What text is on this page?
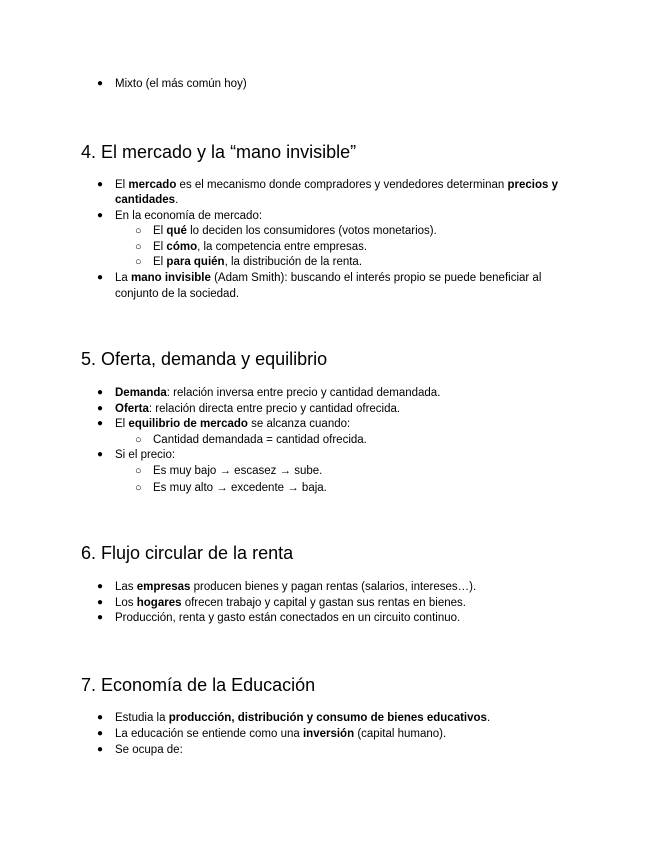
● Mixto (el más común hoy)

4. El mercado y la “mano invisible”
● El mercado es el mecanismo donde compradores y vendedores determinan precios y

cantidades.

● En la economía de mercado:

○ El qué lo deciden los consumidores (votos monetarios).

○ El cómo, la competencia entre empresas.

○ El para quién, la distribución de la renta.

● La mano invisible (Adam Smith): buscando el interés propio se puede beneficiar al

conjunto de la sociedad.

5. Oferta, demanda y equilibrio
● Demanda: relación inversa entre precio y cantidad demandada.

● Oferta: relación directa entre precio y cantidad ofrecida.

● El equilibrio de mercado se alcanza cuando:

○ Cantidad demandada = cantidad ofrecida.

● Si el precio:

○ Es muy bajo → escasez → sube.

○ Es muy alto → excedente → baja.

6. Flujo circular de la renta
● Las empresas producen bienes y pagan rentas (salarios, intereses…).

● Los hogares ofrecen trabajo y capital y gastan sus rentas en bienes.

● Producción, renta y gasto están conectados en un circuito continuo.

7. Economía de la Educación
● Estudia la producción, distribución y consumo de bienes educativos.

● La educación se entiende como una inversión (capital humano).

● Se ocupa de:
